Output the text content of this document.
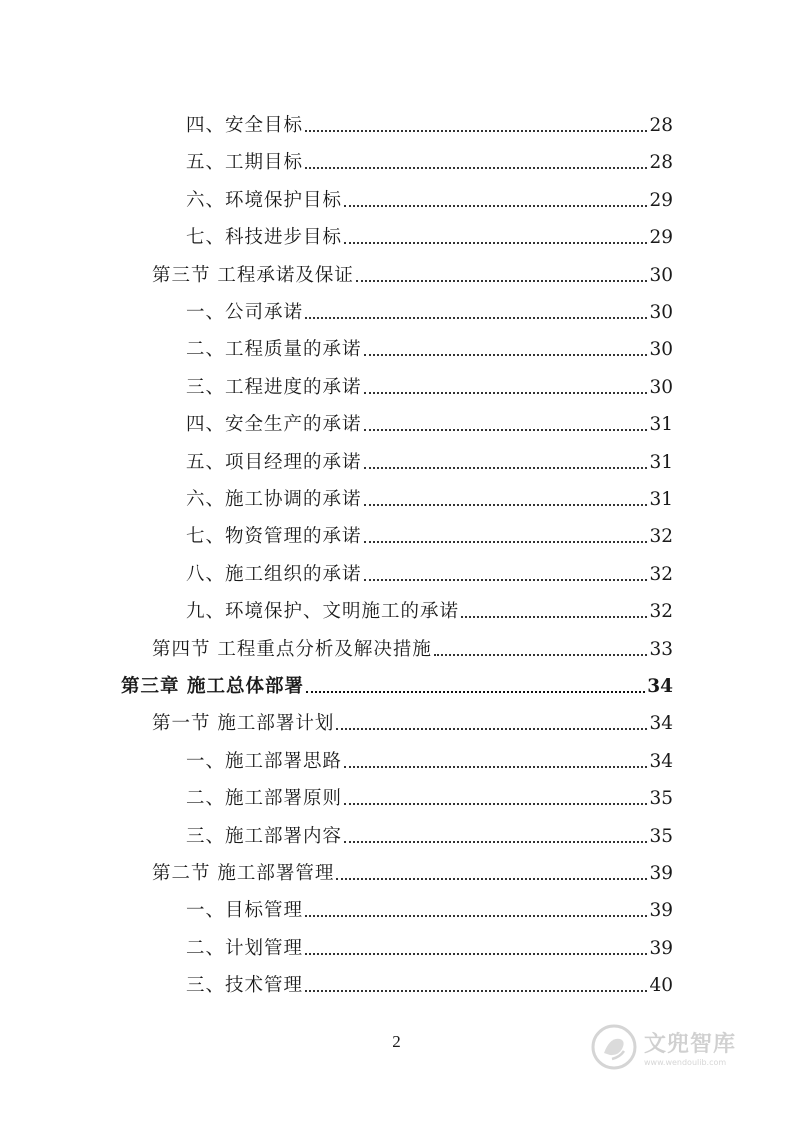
四、安全目标	28
五、工期目标	28
六、环境保护目标	29
七、科技进步目标	29
第三节 工程承诺及保证	30
一、公司承诺	30
二、工程质量的承诺	30
三、工程进度的承诺	30
四、安全生产的承诺	31
五、项目经理的承诺	31
六、施工协调的承诺	31
七、物资管理的承诺	32
八、施工组织的承诺	32
九、环境保护、文明施工的承诺	32
第四节 工程重点分析及解决措施	33
第三章 施工总体部署	34
第一节 施工部署计划	34
一、施工部署思路	34
二、施工部署原则	35
三、施工部署内容	35
第二节 施工部署管理	39
一、目标管理	39
二、计划管理	39
三、技术管理	40
2	文兜智库
www.wendoulib.com
